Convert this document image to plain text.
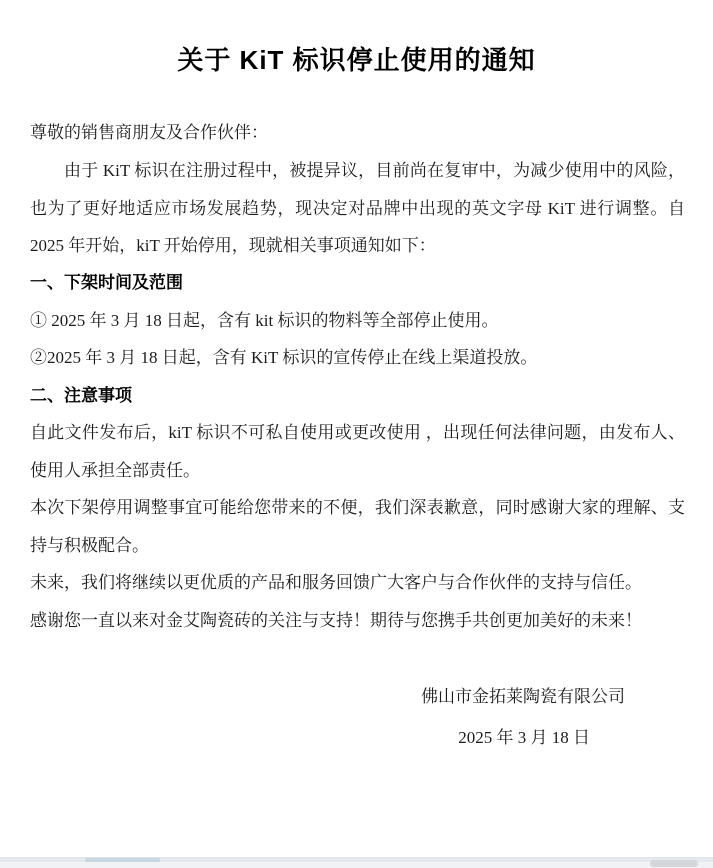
关于 KiT 标识停止使用的通知
尊敬的销售商朋友及合作伙伴：
由于 KiT 标识在注册过程中，被提异议，目前尚在复审中，为减少使用中的风险，也为了更好地适应市场发展趋势，现决定对品牌中出现的英文字母 KiT 进行调整。自 2025 年开始，kiT 开始停用，现就相关事项通知如下：
一、下架时间及范围
① 2025 年 3 月 18 日起，含有 kit 标识的物料等全部停止使用。
②2025 年 3 月 18 日起，含有 KiT 标识的宣传停止在线上渠道投放。
二、注意事项
自此文件发布后，kiT 标识不可私自使用或更改使用 ，出现任何法律问题，由发布人、使用人承担全部责任。
本次下架停用调整事宜可能给您带来的不便，我们深表歉意，同时感谢大家的理解、支持与积极配合。
未来，我们将继续以更优质的产品和服务回馈广大客户与合作伙伴的支持与信任。
感谢您一直以来对金艾陶瓷砖的关注与支持！期待与您携手共创更加美好的未来！
佛山市金拓莱陶瓷有限公司
2025 年 3 月 18 日
